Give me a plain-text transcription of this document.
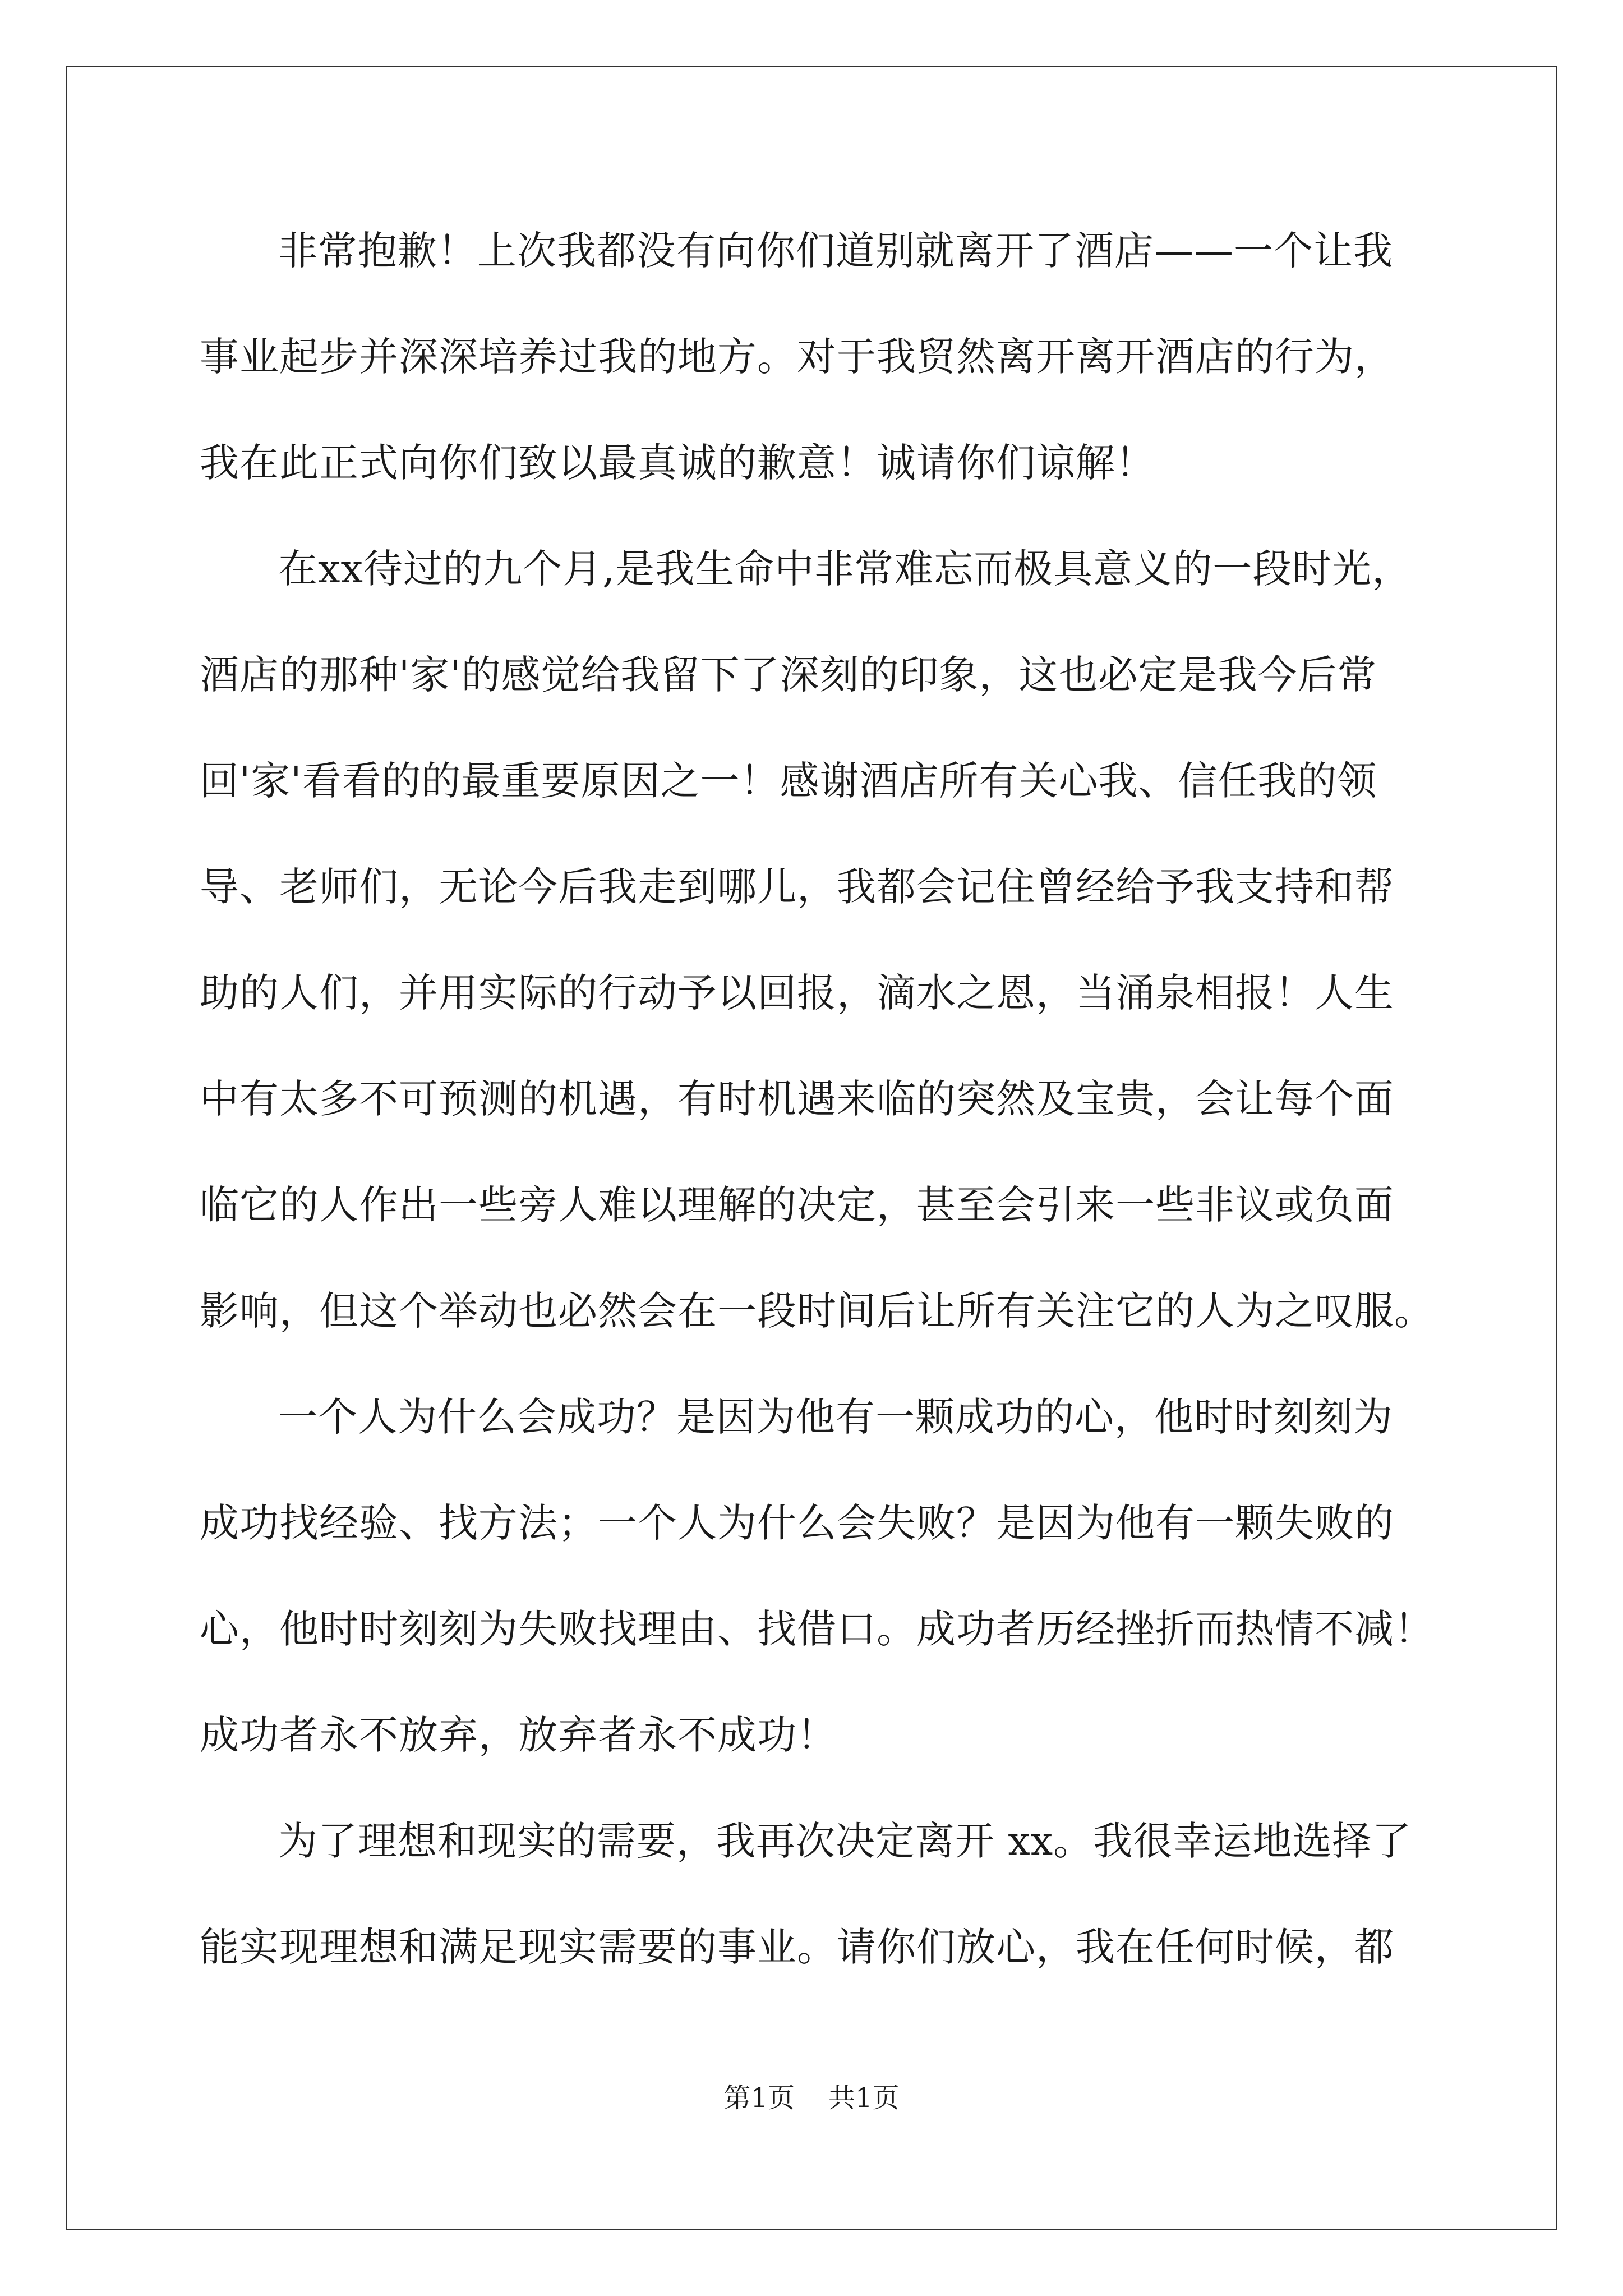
非常抱歉！上次我都没有向你们道别就离开了酒店——一个让我
事业起步并深深培养过我的地方。对于我贸然离开离开酒店的行为，
我在此正式向你们致以最真诚的歉意！诚请你们谅解！
在xx待过的九个月,是我生命中非常难忘而极具意义的一段时光，
酒店的那种'家'的感觉给我留下了深刻的印象，这也必定是我今后常
回'家'看看的的最重要原因之一！感谢酒店所有关心我、信任我的领
导、老师们，无论今后我走到哪儿，我都会记住曾经给予我支持和帮
助的人们，并用实际的行动予以回报，滴水之恩，当涌泉相报！人生
中有太多不可预测的机遇，有时机遇来临的突然及宝贵，会让每个面
临它的人作出一些旁人难以理解的决定，甚至会引来一些非议或负面
影响，但这个举动也必然会在一段时间后让所有关注它的人为之叹服。
一个人为什么会成功？是因为他有一颗成功的心，他时时刻刻为
成功找经验、找方法；一个人为什么会失败？是因为他有一颗失败的
心，他时时刻刻为失败找理由、找借口。成功者历经挫折而热情不减！
成功者永不放弃，放弃者永不成功！
为了理想和现实的需要，我再次决定离开 xx。我很幸运地选择了
能实现理想和满足现实需要的事业。请你们放心，我在任何时候，都
第1页 共1页
